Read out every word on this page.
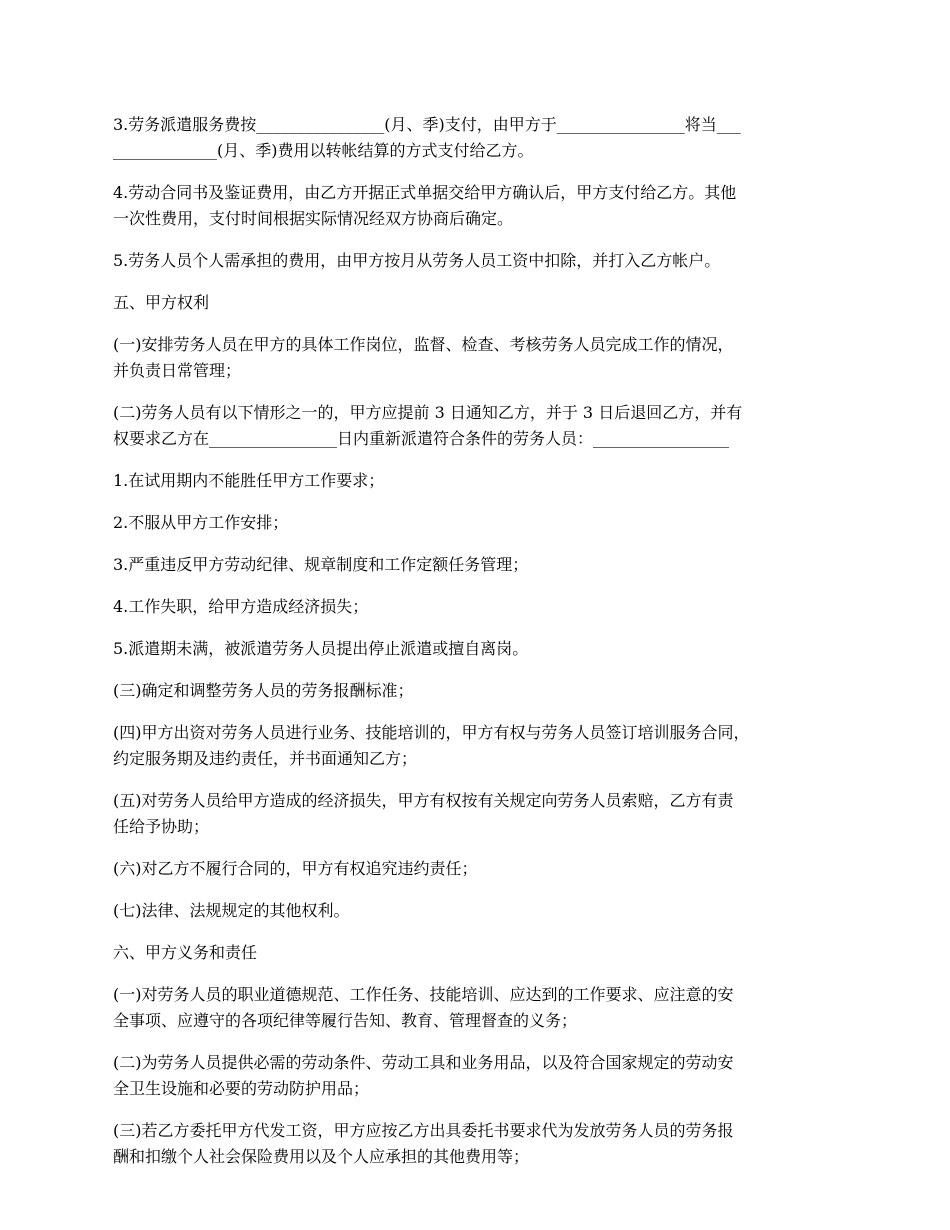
3.劳务派遣服务费按________________(月、季)支付，由甲方于________________将当___
_____________(月、季)费用以转帐结算的方式支付给乙方。

4.劳动合同书及鉴证费用，由乙方开据正式单据交给甲方确认后，甲方支付给乙方。其他
一次性费用，支付时间根据实际情况经双方协商后确定。

5.劳务人员个人需承担的费用，由甲方按月从劳务人员工资中扣除，并打入乙方帐户。

五、甲方权利

(一)安排劳务人员在甲方的具体工作岗位，监督、检查、考核劳务人员完成工作的情况，
并负责日常管理；

(二)劳务人员有以下情形之一的，甲方应提前 3 日通知乙方，并于 3 日后退回乙方，并有
权要求乙方在________________日内重新派遣符合条件的劳务人员：_________________

1.在试用期内不能胜任甲方工作要求；

2.不服从甲方工作安排；

3.严重违反甲方劳动纪律、规章制度和工作定额任务管理；

4.工作失职，给甲方造成经济损失；

5.派遣期未满，被派遣劳务人员提出停止派遣或擅自离岗。

(三)确定和调整劳务人员的劳务报酬标准；

(四)甲方出资对劳务人员进行业务、技能培训的，甲方有权与劳务人员签订培训服务合同，
约定服务期及违约责任，并书面通知乙方；

(五)对劳务人员给甲方造成的经济损失，甲方有权按有关规定向劳务人员索赔，乙方有责
任给予协助；

(六)对乙方不履行合同的，甲方有权追究违约责任；

(七)法律、法规规定的其他权利。

六、甲方义务和责任

(一)对劳务人员的职业道德规范、工作任务、技能培训、应达到的工作要求、应注意的安
全事项、应遵守的各项纪律等履行告知、教育、管理督查的义务；

(二)为劳务人员提供必需的劳动条件、劳动工具和业务用品，以及符合国家规定的劳动安
全卫生设施和必要的劳动防护用品；

(三)若乙方委托甲方代发工资，甲方应按乙方出具委托书要求代为发放劳务人员的劳务报
酬和扣缴个人社会保险费用以及个人应承担的其他费用等；
